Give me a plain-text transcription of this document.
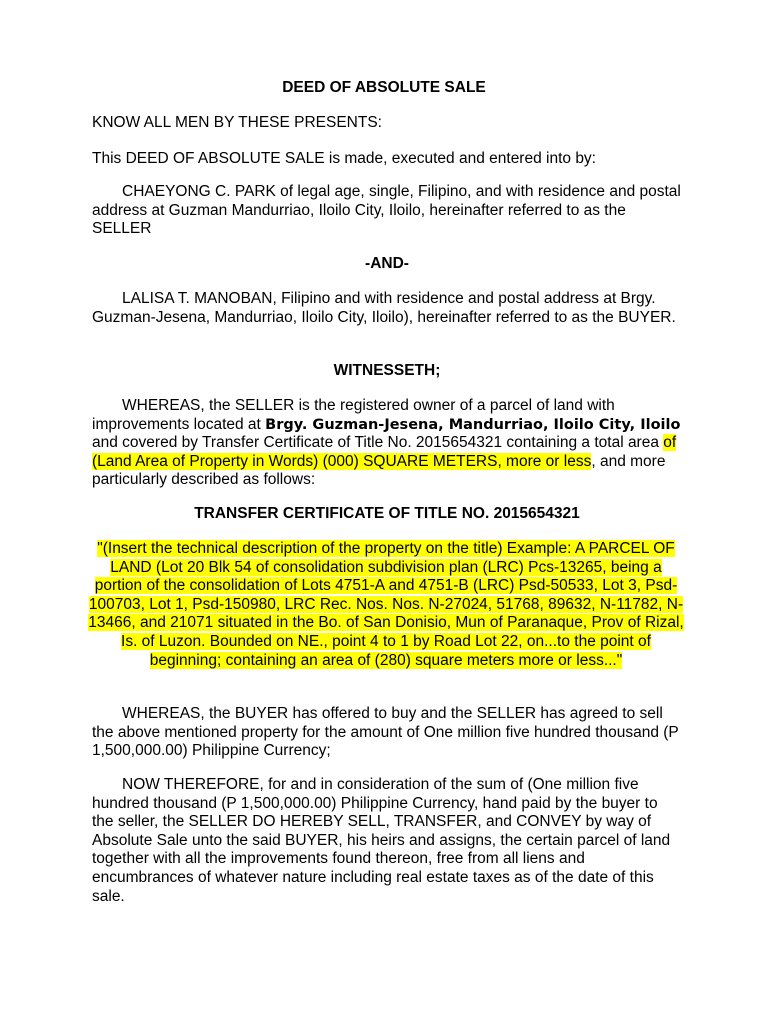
DEED OF ABSOLUTE SALE

KNOW ALL MEN BY THESE PRESENTS:

This DEED OF ABSOLUTE SALE is made, executed and entered into by:

CHAEYONG C. PARK of legal age, single, Filipino, and with residence and postal address at Guzman Mandurriao, Iloilo City, Iloilo, hereinafter referred to as the SELLER

-AND-

LALISA T. MANOBAN, Filipino and with residence and postal address at Brgy. Guzman-Jesena, Mandurriao, Iloilo City, Iloilo), hereinafter referred to as the BUYER.

WITNESSETH;

WHEREAS, the SELLER is the registered owner of a parcel of land with improvements located at Brgy. Guzman-Jesena, Mandurriao, Iloilo City, Iloilo and covered by Transfer Certificate of Title No. 2015654321 containing a total area of (Land Area of Property in Words) (000) SQUARE METERS, more or less, and more particularly described as follows:

TRANSFER CERTIFICATE OF TITLE NO. 2015654321

"(Insert the technical description of the property on the title) Example: A PARCEL OF LAND (Lot 20 Blk 54 of consolidation subdivision plan (LRC) Pcs-13265, being a portion of the consolidation of Lots 4751-A and 4751-B (LRC) Psd-50533, Lot 3, Psd-100703, Lot 1, Psd-150980, LRC Rec. Nos. Nos. N-27024, 51768, 89632, N-11782, N-13466, and 21071 situated in the Bo. of San Donisio, Mun of Paranaque, Prov of Rizal, Is. of Luzon. Bounded on NE., point 4 to 1 by Road Lot 22, on...to the point of beginning; containing an area of (280) square meters more or less..."

WHEREAS, the BUYER has offered to buy and the SELLER has agreed to sell the above mentioned property for the amount of One million five hundred thousand (P 1,500,000.00) Philippine Currency;

NOW THEREFORE, for and in consideration of the sum of (One million five hundred thousand (P 1,500,000.00) Philippine Currency, hand paid by the buyer to the seller, the SELLER DO HEREBY SELL, TRANSFER, and CONVEY by way of Absolute Sale unto the said BUYER, his heirs and assigns, the certain parcel of land together with all the improvements found thereon, free from all liens and encumbrances of whatever nature including real estate taxes as of the date of this sale.
